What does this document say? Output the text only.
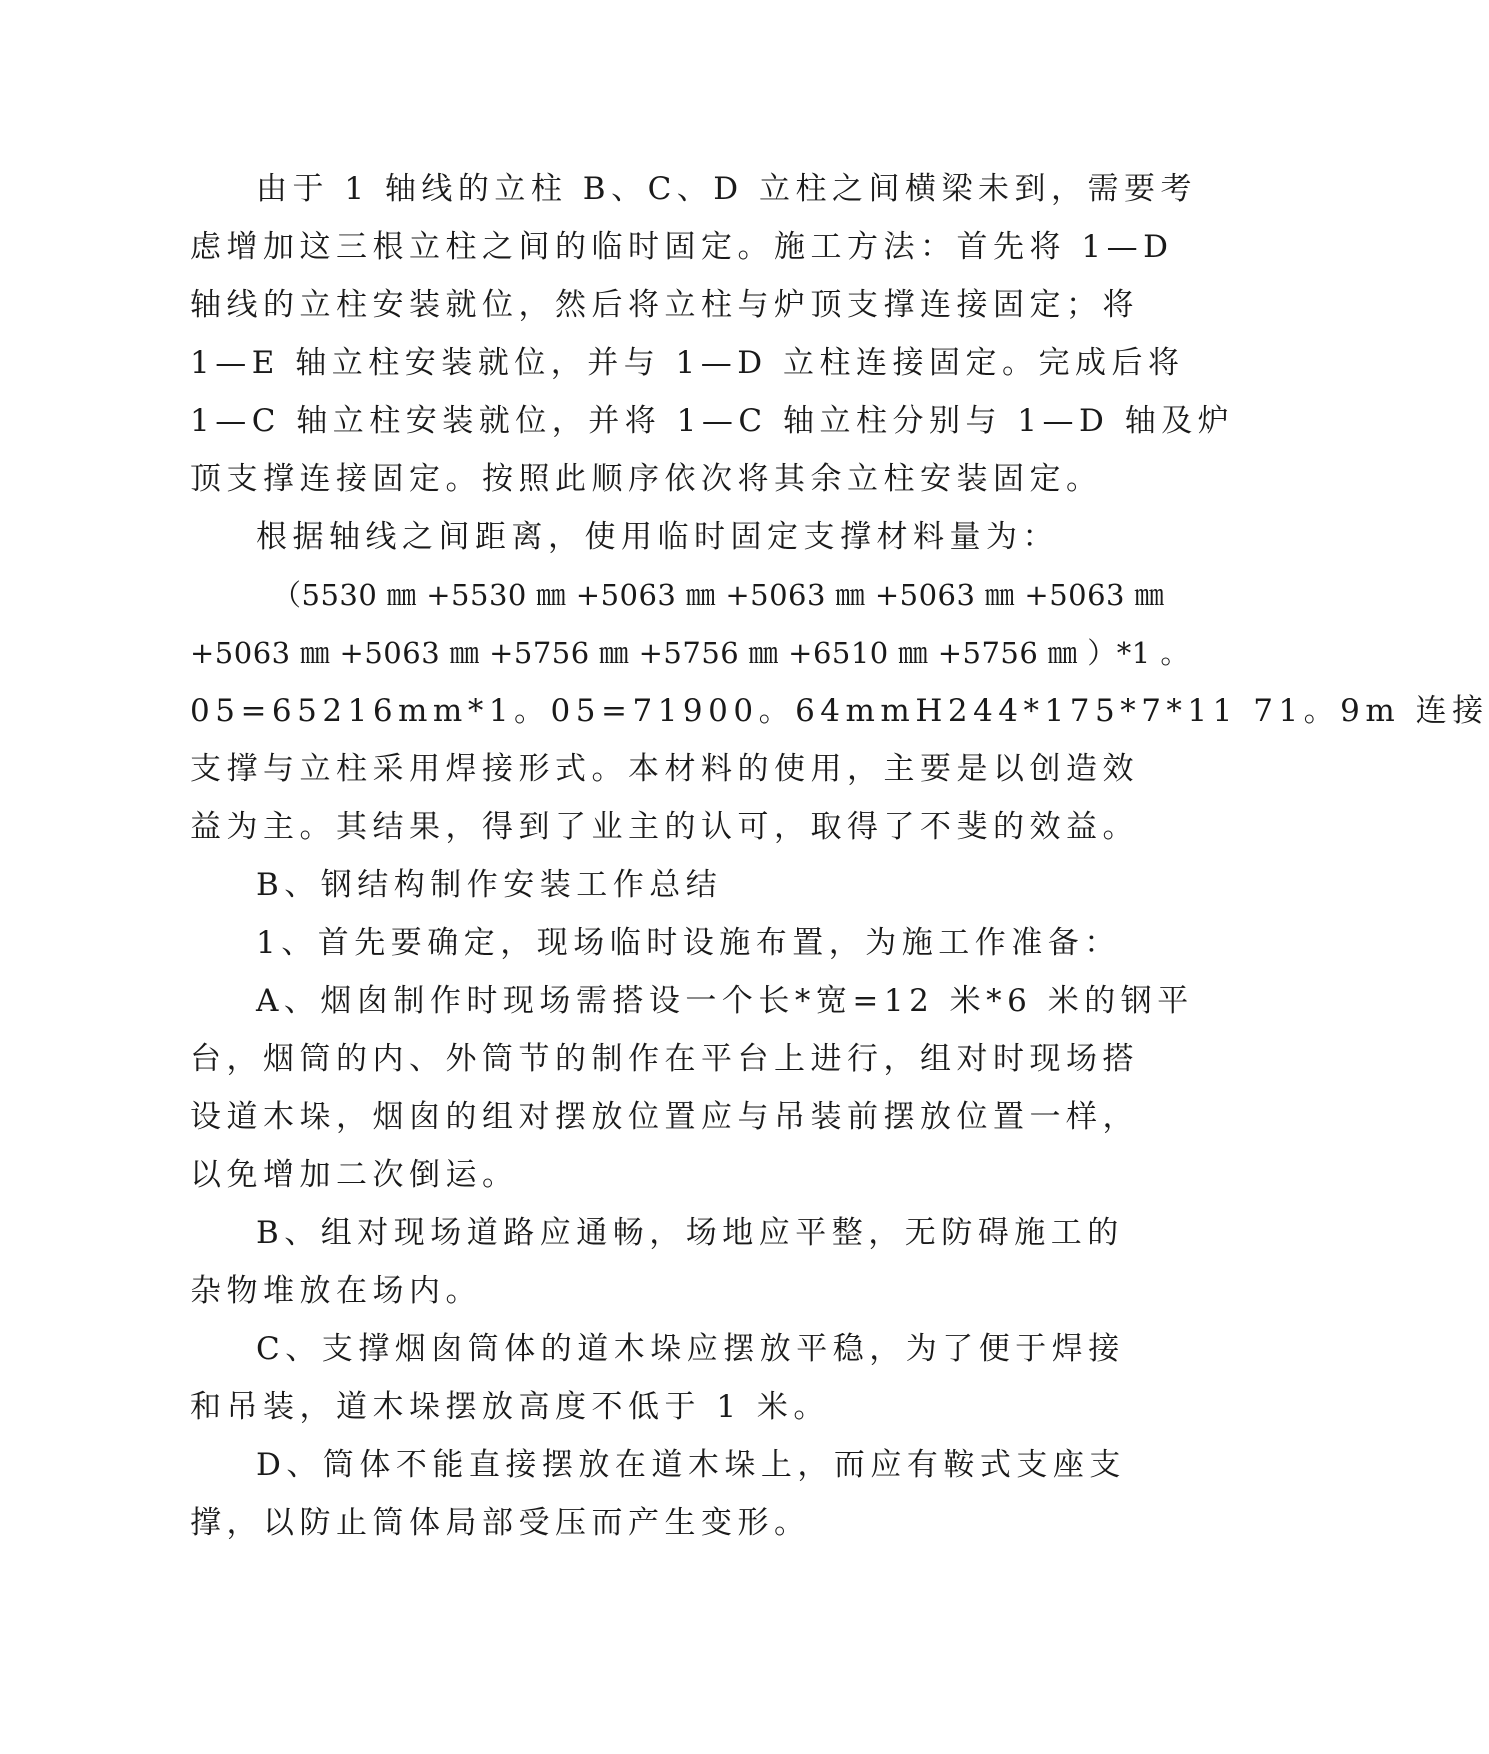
由于 1 轴线的立柱 B、C、D 立柱之间横梁未到，需要考
虑增加这三根立柱之间的临时固定。施工方法：首先将 1—D
轴线的立柱安装就位，然后将立柱与炉顶支撑连接固定；将
1—E 轴立柱安装就位，并与 1—D 立柱连接固定。完成后将
1—C 轴立柱安装就位，并将 1—C 轴立柱分别与 1—D 轴及炉
顶支撑连接固定。按照此顺序依次将其余立柱安装固定。
根据轴线之间距离，使用临时固定支撑材料量为：
（5530 ㎜ +5530 ㎜ +5063 ㎜ +5063 ㎜ +5063 ㎜ +5063 ㎜
+5063 ㎜ +5063 ㎜ +5756 ㎜ +5756 ㎜ +6510 ㎜ +5756 ㎜ ）*1 。
05=65216mm*1。05=71900。64mmH244*175*7*11 71。9m 连接
支撑与立柱采用焊接形式。本材料的使用，主要是以创造效
益为主。其结果，得到了业主的认可，取得了不斐的效益。
B、钢结构制作安装工作总结
1、首先要确定，现场临时设施布置，为施工作准备：
A、烟囱制作时现场需搭设一个长*宽=12 米*6 米的钢平
台，烟筒的内、外筒节的制作在平台上进行，组对时现场搭
设道木垛，烟囱的组对摆放位置应与吊装前摆放位置一样，
以免增加二次倒运。
B、组对现场道路应通畅，场地应平整，无防碍施工的
杂物堆放在场内。
C、支撑烟囱筒体的道木垛应摆放平稳，为了便于焊接
和吊装，道木垛摆放高度不低于 1 米。
D、筒体不能直接摆放在道木垛上，而应有鞍式支座支
撑，以防止筒体局部受压而产生变形。
